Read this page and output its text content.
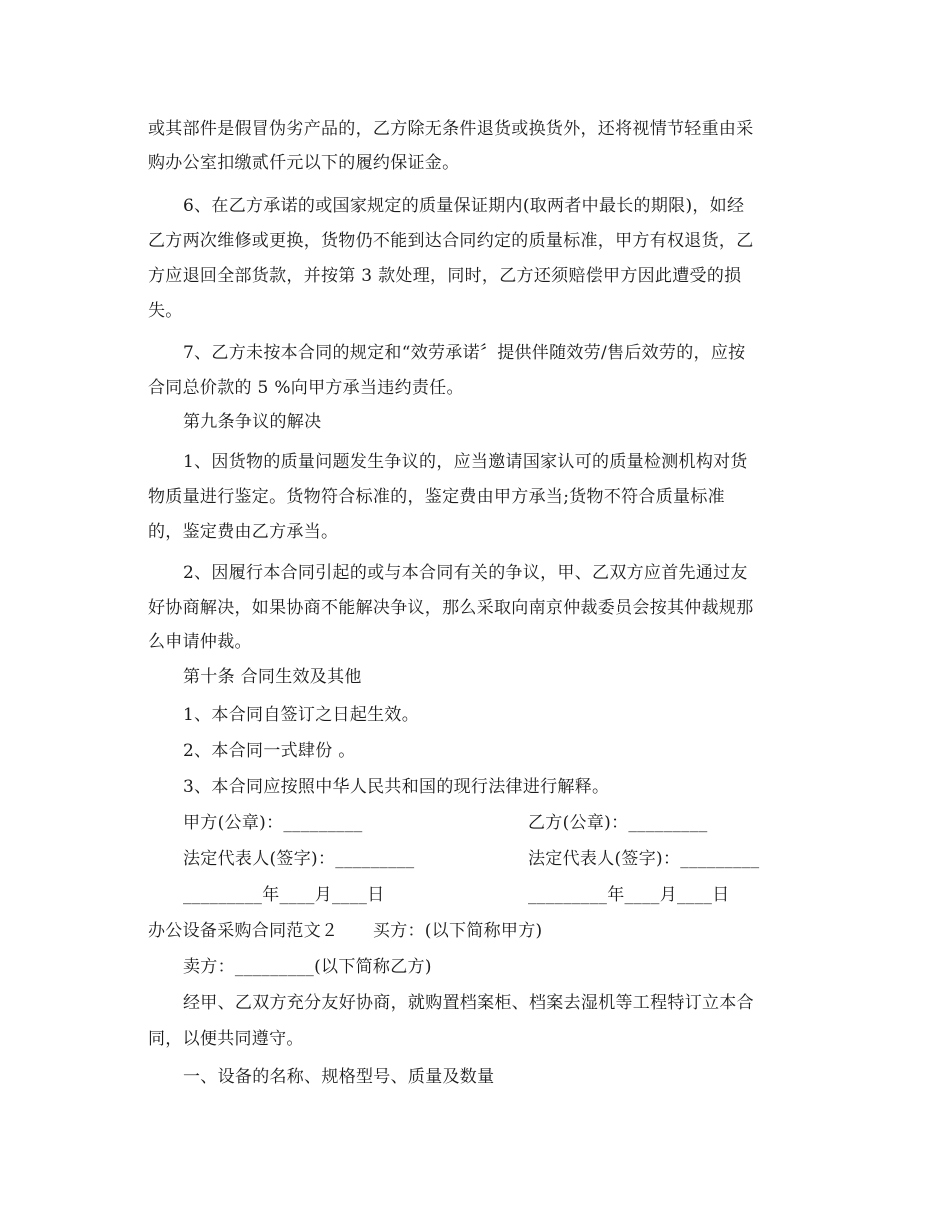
或其部件是假冒伪劣产品的，乙方除无条件退货或换货外，还将视情节轻重由采
购办公室扣缴贰仟元以下的履约保证金。
6、在乙方承诺的或国家规定的质量保证期内(取两者中最长的期限)，如经
乙方两次维修或更换，货物仍不能到达合同约定的质量标准，甲方有权退货，乙
方应退回全部货款，并按第 3 款处理，同时，乙方还须赔偿甲方因此遭受的损
失。
7、乙方未按本合同的规定和“效劳承诺〞提供伴随效劳/售后效劳的，应按
合同总价款的 5 %向甲方承当违约责任。
第九条争议的解决
1、因货物的质量问题发生争议的，应当邀请国家认可的质量检测机构对货
物质量进行鉴定。货物符合标准的，鉴定费由甲方承当;货物不符合质量标准
的，鉴定费由乙方承当。
2、因履行本合同引起的或与本合同有关的争议，甲、乙双方应首先通过友
好协商解决，如果协商不能解决争议，那么采取向南京仲裁委员会按其仲裁规那
么申请仲裁。
第十条 合同生效及其他
1、本合同自签订之日起生效。
2、本合同一式肆份 。
3、本合同应按照中华人民共和国的现行法律进行解释。
甲方(公章)：_________	乙方(公章)：_________
法定代表人(签字)：_________	法定代表人(签字)：_________
_________年____月____日	_________年____月____日
办公设备采购合同范文２　　买方：(以下简称甲方)
卖方：_________(以下简称乙方)
经甲、乙双方充分友好协商，就购置档案柜、档案去湿机等工程特订立本合
同，以便共同遵守。
一、设备的名称、规格型号、质量及数量
